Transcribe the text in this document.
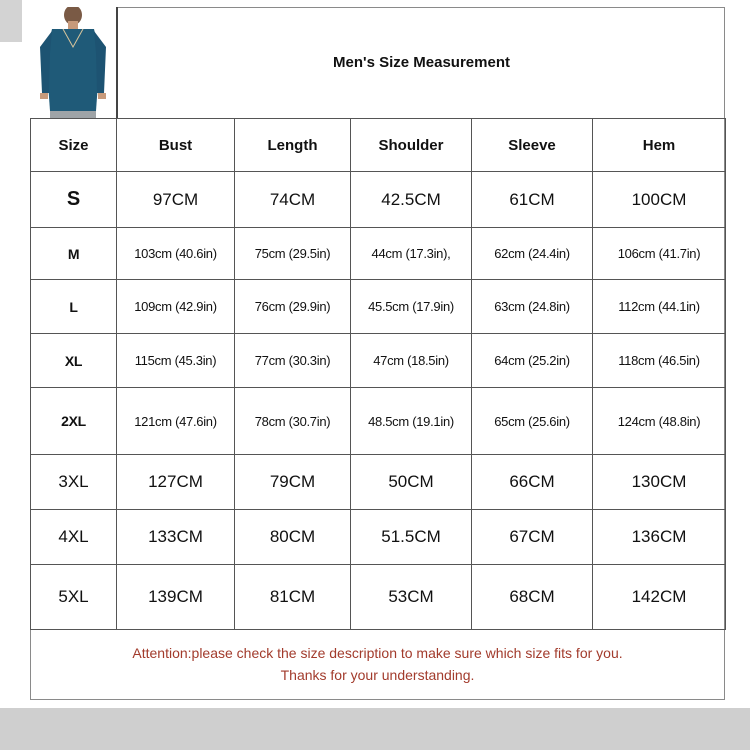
Men's Size Measurement
Size	Bust	Length	Shoulder	Sleeve	Hem
S	97CM	74CM	42.5CM	61CM	100CM
M	103cm (40.6in)	75cm (29.5in)	44cm (17.3in),	62cm (24.4in)	106cm (41.7in)
L	109cm (42.9in)	76cm (29.9in)	45.5cm (17.9in)	63cm (24.8in)	112cm (44.1in)
XL	115cm (45.3in)	77cm (30.3in)	47cm (18.5in)	64cm (25.2in)	118cm (46.5in)
2XL	121cm (47.6in)	78cm (30.7in)	48.5cm (19.1in)	65cm (25.6in)	124cm (48.8in)
3XL	127CM	79CM	50CM	66CM	130CM
4XL	133CM	80CM	51.5CM	67CM	136CM
5XL	139CM	81CM	53CM	68CM	142CM
Attention:please check the size description to make sure which size fits for you.
Thanks for your understanding.
